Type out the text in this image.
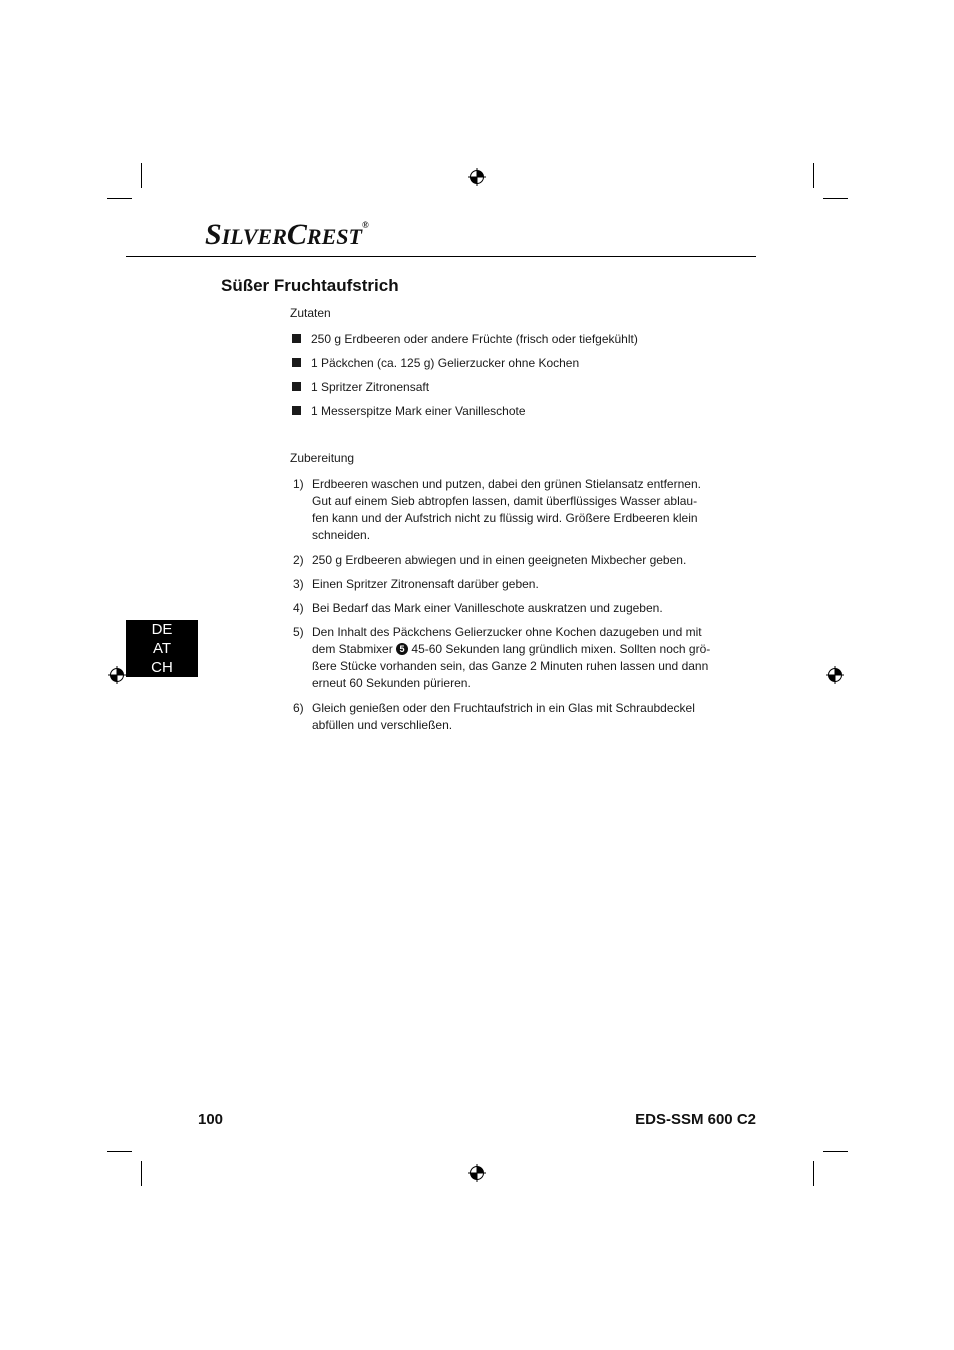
SILVERCREST®
Süßer Fruchtaufstrich
Zutaten
250 g Erdbeeren oder andere Früchte (frisch oder tiefgekühlt)
1 Päckchen (ca. 125 g) Gelierzucker ohne Kochen
1 Spritzer Zitronensaft
1 Messerspitze Mark einer Vanilleschote
Zubereitung
1) Erdbeeren waschen und putzen, dabei den grünen Stielansatz entfernen.
Gut auf einem Sieb abtropfen lassen, damit überflüssiges Wasser ablau-
fen kann und der Aufstrich nicht zu flüssig wird. Größere Erdbeeren klein
schneiden.
2) 250 g Erdbeeren abwiegen und in einen geeigneten Mixbecher geben.
3) Einen Spritzer Zitronensaft darüber geben.
4) Bei Bedarf das Mark einer Vanilleschote auskratzen und zugeben.
5) Den Inhalt des Päckchens Gelierzucker ohne Kochen dazugeben und mit
dem Stabmixer 5 45-60 Sekunden lang gründlich mixen. Sollten noch grö-
ßere Stücke vorhanden sein, das Ganze 2 Minuten ruhen lassen und dann
erneut 60 Sekunden pürieren.
6) Gleich genießen oder den Fruchtaufstrich in ein Glas mit Schraubdeckel
abfüllen und verschließen.
DE
AT
CH
100	EDS-SSM 600 C2
